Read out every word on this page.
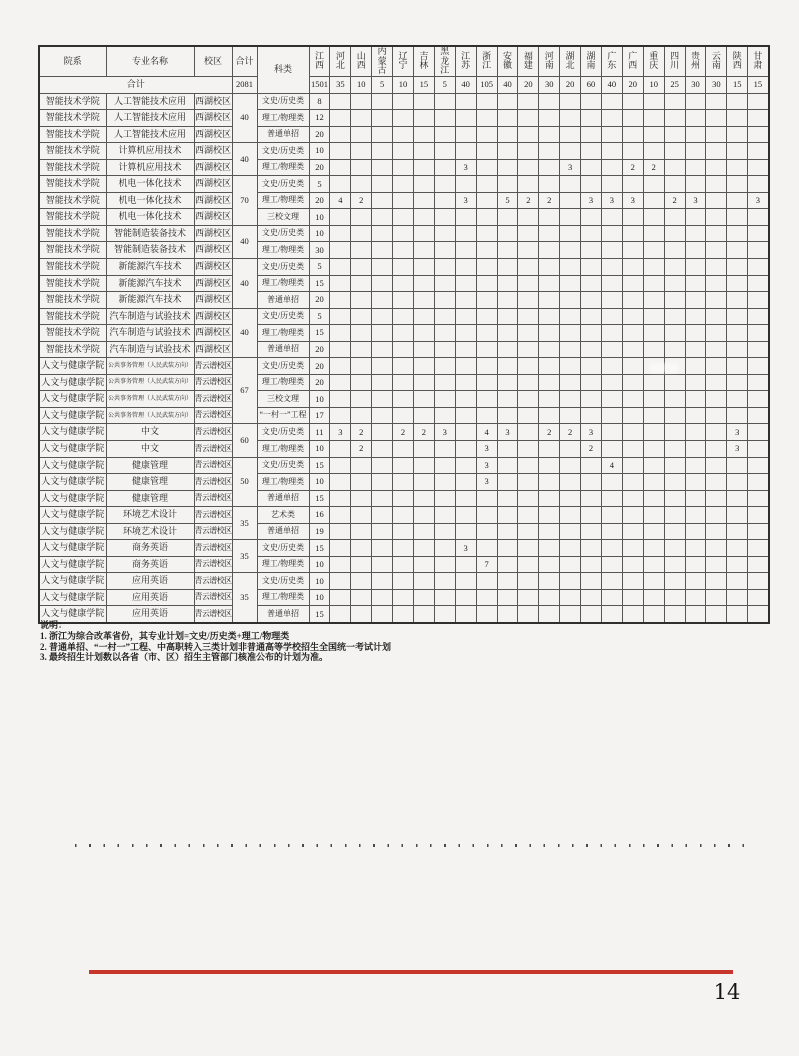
院系	专业名称	校区	合计	科类	江西	河北	山西	内蒙古	辽宁	吉林	黑龙江	江苏	浙江	安徽	福建	河南	湖北	湖南	广东	广西	重庆	四川	贵州	云南	陕西	甘肃
合计			2081		1501	35	10	5	10	15	5	40	105	40	20	30	20	60	40	20	10	25	30	30	15	15
智能技术学院	人工智能技术应用	西湖校区	40	文史/历史类	8																					
智能技术学院	人工智能技术应用	西湖校区		理工/物理类	12																					
智能技术学院	人工智能技术应用	西湖校区		普通单招	20																					
智能技术学院	计算机应用技术	西湖校区	40	文史/历史类	10																					
智能技术学院	计算机应用技术	西湖校区		理工/物理类	20							3					3			2	2					
智能技术学院	机电一体化技术	西湖校区	70	文史/历史类	5																					
智能技术学院	机电一体化技术	西湖校区		理工/物理类	20	4	2					3		5	2	2		3	3	3		2	3			3
智能技术学院	机电一体化技术	西湖校区		三校文理	10																					
智能技术学院	智能制造装备技术	西湖校区	40	文史/历史类	10																					
智能技术学院	智能制造装备技术	西湖校区		理工/物理类	30																					
智能技术学院	新能源汽车技术	西湖校区	40	文史/历史类	5																					
智能技术学院	新能源汽车技术	西湖校区		理工/物理类	15																					
智能技术学院	新能源汽车技术	西湖校区		普通单招	20																					
智能技术学院	汽车制造与试验技术	西湖校区	40	文史/历史类	5																					
智能技术学院	汽车制造与试验技术	西湖校区		理工/物理类	15																					
智能技术学院	汽车制造与试验技术	西湖校区		普通单招	20																					
人文与健康学院	公共事务管理（人民武装方向）	青云谱校区	67	文史/历史类	20																					
人文与健康学院	公共事务管理（人民武装方向）	青云谱校区		理工/物理类	20																					
人文与健康学院	公共事务管理（人民武装方向）	青云谱校区		三校文理	10																					
人文与健康学院	公共事务管理（人民武装方向）	青云谱校区		“一村一”工程	17																					
人文与健康学院	中文	青云谱校区	60	文史/历史类	11	3	2		2	2	3		4	3		2	2	3							3	
人文与健康学院	中文	青云谱校区		理工/物理类	10		2						3					2							3	
人文与健康学院	健康管理	青云谱校区	50	文史/历史类	15								3						4							
人文与健康学院	健康管理	青云谱校区		理工/物理类	10								3													
人文与健康学院	健康管理	青云谱校区		普通单招	15																					
人文与健康学院	环境艺术设计	青云谱校区	35	艺术类	16																					
人文与健康学院	环境艺术设计	青云谱校区		普通单招	19																					
人文与健康学院	商务英语	青云谱校区	35	文史/历史类	15							3														
人文与健康学院	商务英语	青云谱校区		理工/物理类	10								7													
人文与健康学院	应用英语	青云谱校区	35	文史/历史类	10																					
人文与健康学院	应用英语	青云谱校区		理工/物理类	10																					
人文与健康学院	应用英语	青云谱校区		普通单招	15																					
说明：
1. 浙江为综合改革省份，其专业计划=文史/历史类+理工/物理类
2. 普通单招、“一村一”工程、中高职转入三类计划非普通高等学校招生全国统一考试计划
3. 最终招生计划数以各省（市、区）招生主管部门核准公布的计划为准。
14
